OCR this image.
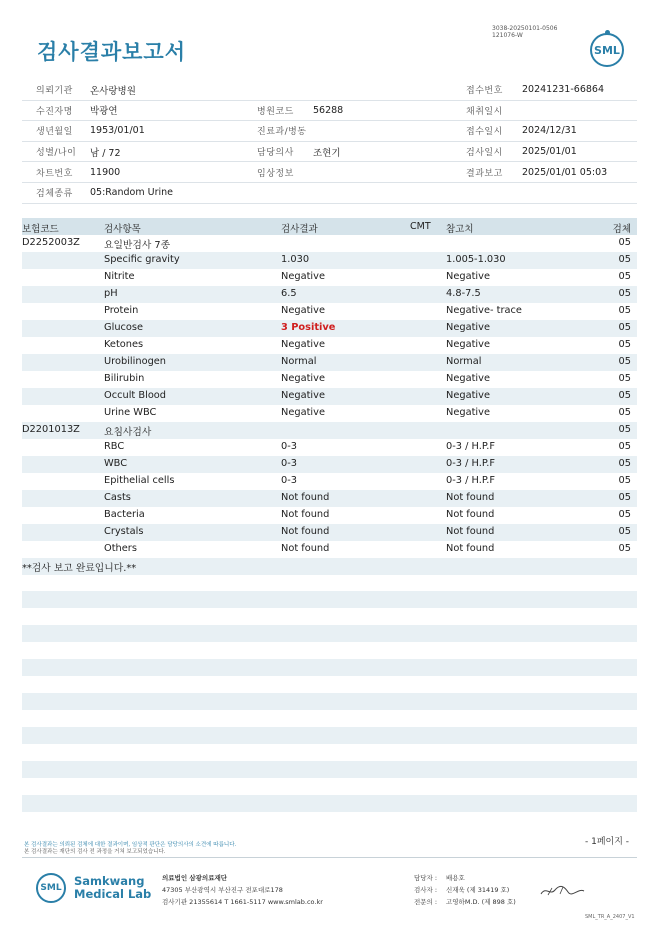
검사결과보고서
3038-20250101-0506
121076-W
SML
의뢰기관 온사랑병원	접수번호 20241231-66864
수진자명 박광연	병원코드 56288	채취일시
생년월일 1953/01/01	진료과/병동	접수일시 2024/12/31
성별/나이 남 / 72	담당의사 조현기	검사일시 2025/01/01
차트번호 11900	임상정보	결과보고 2025/01/01 05:03
검체종류 05:Random Urine
보험코드	검사항목	검사결과	CMT 참고치	검체
D2252003Z 요일반검사 7종	05
Specific gravity	1.030	1.005-1.030	05
Nitrite	Negative	Negative	05
pH	6.5	4.8-7.5	05
Protein	Negative	Negative- trace	05
Glucose	3 Positive	Negative	05
Ketones	Negative	Negative	05
Urobilinogen	Normal	Normal	05
Bilirubin	Negative	Negative	05
Occult Blood	Negative	Negative	05
Urine WBC	Negative	Negative	05
D2201013Z 요침사검사	05
RBC	0-3	0-3 / H.P.F	05
WBC	0-3	0-3 / H.P.F	05
Epithelial cells	0-3	0-3 / H.P.F	05
Casts	Not found	Not found	05
Bacteria	Not found	Not found	05
Crystals	Not found	Not found	05
Others	Not found	Not found	05
**검사 보고 완료입니다.**
- 1페이지 -
본 검사결과는 의뢰된 검체에 대한 결과이며, 임상적 판단은 담당의사의 소견에 따릅니다.
본 검사결과는 재단의 검사 전 과정을 거쳐 보고되었습니다.
SML	Samkwang
Medical Lab
의료법인 삼광의료재단
47305 부산광역시 부산진구 전포대로178
검사기관 21355614 T 1661-5117 www.smlab.co.kr
담당자 : 배용호
검사자 : 신재욱 (제 31419 호)
전문의 : 고영하M.D. (제 898 호)
SML_TR_A_2407_V1
